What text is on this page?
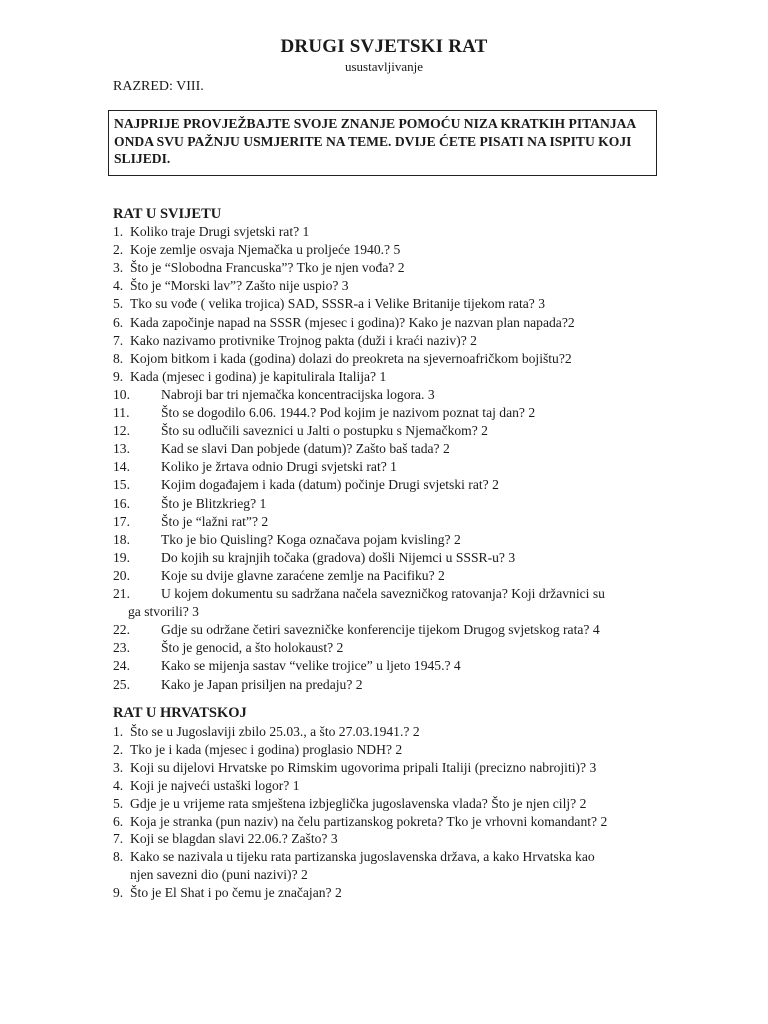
DRUGI SVJETSKI RAT
usustavljivanje
RAZRED: VIII.
NAJPRIJE PROVJEŽBAJTE SVOJE ZNANJE POMOĆU NIZA KRATKIH PITANJAA ONDA SVU PAŽNJU USMJERITE NA TEME. DVIJE ĆETE PISATI NA ISPITU KOJI SLIJEDI.
RAT U SVIJETU
1. Koliko traje Drugi svjetski rat? 1
2. Koje zemlje osvaja Njemačka u proljeće 1940.? 5
3. Što je “Slobodna Francuska”? Tko je njen vođa? 2
4. Što je “Morski lav”? Zašto nije uspio? 3
5. Tko su vođe ( velika trojica) SAD, SSSR-a i Velike Britanije tijekom rata? 3
6. Kada započinje napad na SSSR (mjesec i godina)? Kako je nazvan plan napada?2
7. Kako nazivamo protivnike Trojnog pakta (duži i kraći naziv)? 2
8. Kojom bitkom i kada (godina) dolazi do preokreta na sjevernoafričkom bojištu?2
9. Kada (mjesec i godina) je kapitulirala Italija? 1
10. Nabroji bar tri njemačka koncentracijska logora. 3
11. Što se dogodilo 6.06. 1944.? Pod kojim je nazivom poznat taj dan? 2
12. Što su odlučili saveznici u Jalti o postupku s Njemačkom? 2
13. Kad se slavi Dan pobjede (datum)? Zašto baš tada? 2
14. Koliko je žrtava odnio Drugi svjetski rat? 1
15. Kojim događajem i kada (datum) počinje Drugi svjetski rat? 2
16. Što je Blitzkrieg? 1
17. Što je “lažni rat”? 2
18. Tko je bio Quisling? Koga označava pojam kvisling? 2
19. Do kojih su krajnjih točaka (gradova) došli Nijemci u SSSR-u? 3
20. Koje su dvije glavne zaraćene zemlje na Pacifiku? 2
21. U kojem dokumentu su sadržana načela savezničkog ratovanja? Koji državnici su
ga stvorili? 3
22. Gdje su održane četiri savezničke konferencije tijekom Drugog svjetskog rata? 4
23. Što je genocid, a što holokaust? 2
24. Kako se mijenja sastav “velike trojice” u ljeto 1945.? 4
25. Kako je Japan prisiljen na predaju? 2
RAT U HRVATSKOJ
1. Što se u Jugoslaviji zbilo 25.03., a što 27.03.1941.? 2
2. Tko je i kada (mjesec i godina) proglasio NDH? 2
3. Koji su dijelovi Hrvatske po Rimskim ugovorima pripali Italiji (precizno nabrojiti)? 3
4. Koji je najveći ustaški logor? 1
5. Gdje je u vrijeme rata smještena izbjeglička jugoslavenska vlada? Što je njen cilj? 2
6. Koja je stranka (pun naziv) na čelu partizanskog pokreta? Tko je vrhovni komandant? 2
7. Koji se blagdan slavi 22.06.? Zašto? 3
8. Kako se nazivala u tijeku rata partizanska jugoslavenska država, a kako Hrvatska kao
njen savezni dio (puni nazivi)? 2
9. Što je El Shat i po čemu je značajan? 2
